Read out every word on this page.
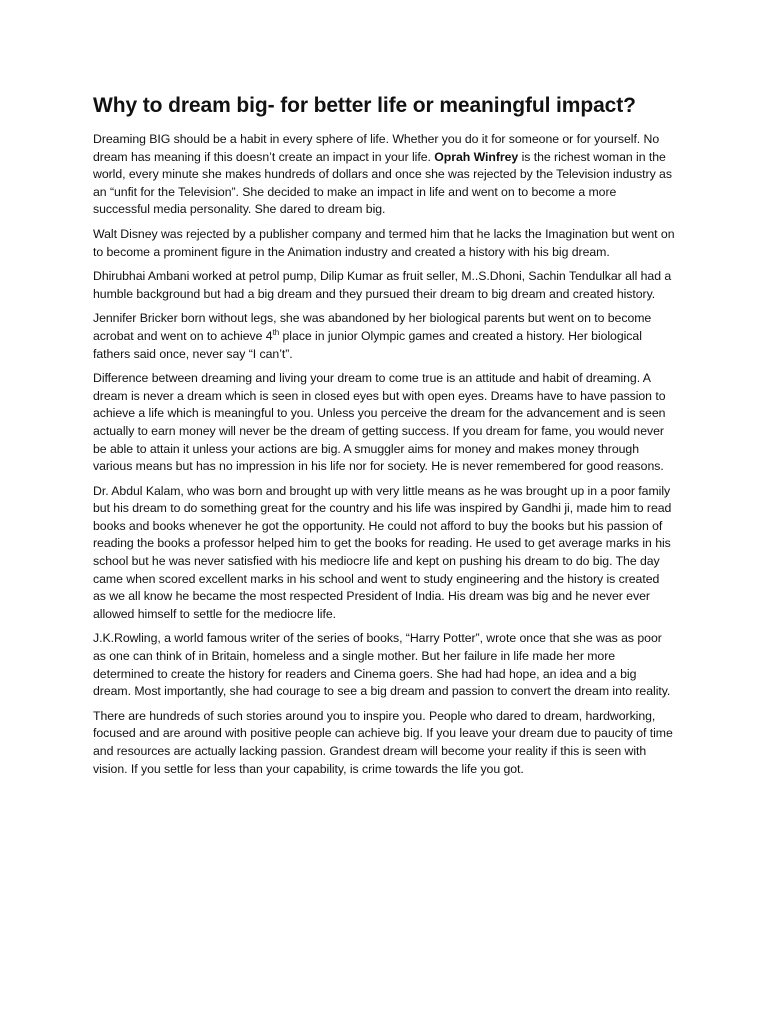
Why to dream big- for better life or meaningful impact?

Dreaming BIG should be a habit in every sphere of life. Whether you do it for someone or for yourself. No dream has meaning if this doesn’t create an impact in your life. Oprah Winfrey is the richest woman in the world, every minute she makes hundreds of dollars and once she was rejected by the Television industry as an “unfit for the Television”. She decided to make an impact in life and went on to become a more successful media personality. She dared to dream big.

Walt Disney was rejected by a publisher company and termed him that he lacks the Imagination but went on to become a prominent figure in the Animation industry and created a history with his big dream.

Dhirubhai Ambani worked at petrol pump, Dilip Kumar as fruit seller, M..S.Dhoni, Sachin Tendulkar all had a humble background but had a big dream and they pursued their dream to big dream and created history.

Jennifer Bricker born without legs, she was abandoned by her biological parents but went on to become acrobat and went on to achieve 4th place in junior Olympic games and created a history. Her biological fathers said once, never say “I can’t”.

Difference between dreaming and living your dream to come true is an attitude and habit of dreaming. A dream is never a dream which is seen in closed eyes but with open eyes. Dreams have to have passion to achieve a life which is meaningful to you. Unless you perceive the dream for the advancement and is seen actually to earn money will never be the dream of getting success. If you dream for fame, you would never be able to attain it unless your actions are big. A smuggler aims for money and makes money through various means but has no impression in his life nor for society. He is never remembered for good reasons.

Dr. Abdul Kalam, who was born and brought up with very little means as he was brought up in a poor family but his dream to do something great for the country and his life was inspired by Gandhi ji, made him to read books and books whenever he got the opportunity. He could not afford to buy the books but his passion of reading the books a professor helped him to get the books for reading. He used to get average marks in his school but he was never satisfied with his mediocre life and kept on pushing his dream to do big. The day came when scored excellent marks in his school and went to study engineering and the history is created as we all know he became the most respected President of India. His dream was big and he never ever allowed himself to settle for the mediocre life.

J.K.Rowling, a world famous writer of the series of books, “Harry Potter”, wrote once that she was as poor as one can think of in Britain, homeless and a single mother. But her failure in life made her more determined to create the history for readers and Cinema goers. She had had hope, an idea and a big dream. Most importantly, she had courage to see a big dream and passion to convert the dream into reality.

There are hundreds of such stories around you to inspire you. People who dared to dream, hardworking, focused and are around with positive people can achieve big. If you leave your dream due to paucity of time and resources are actually lacking passion. Grandest dream will become your reality if this is seen with vision. If you settle for less than your capability, is crime towards the life you got.
